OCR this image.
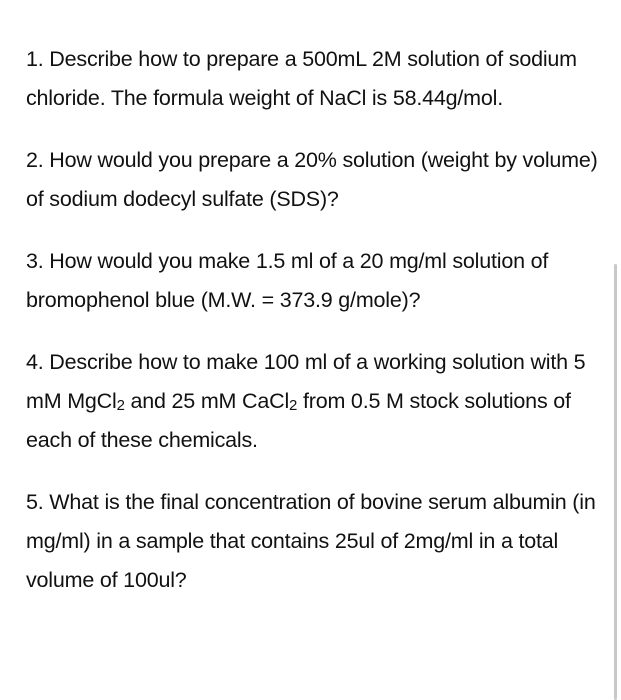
1. Describe how to prepare a 500mL 2M solution of sodium chloride. The formula weight of NaCl is 58.44g/mol.

2. How would you prepare a 20% solution (weight by volume) of sodium dodecyl sulfate (SDS)?

3. How would you make 1.5 ml of a 20 mg/ml solution of bromophenol blue (M.W. = 373.9 g/mole)?

4. Describe how to make 100 ml of a working solution with 5 mM MgCl$_2$ and 25 mM CaCl$_2$ from 0.5 M stock solutions of each of these chemicals.

5. What is the final concentration of bovine serum albumin (in mg/ml) in a sample that contains 25ul of 2mg/ml in a total volume of 100ul?
